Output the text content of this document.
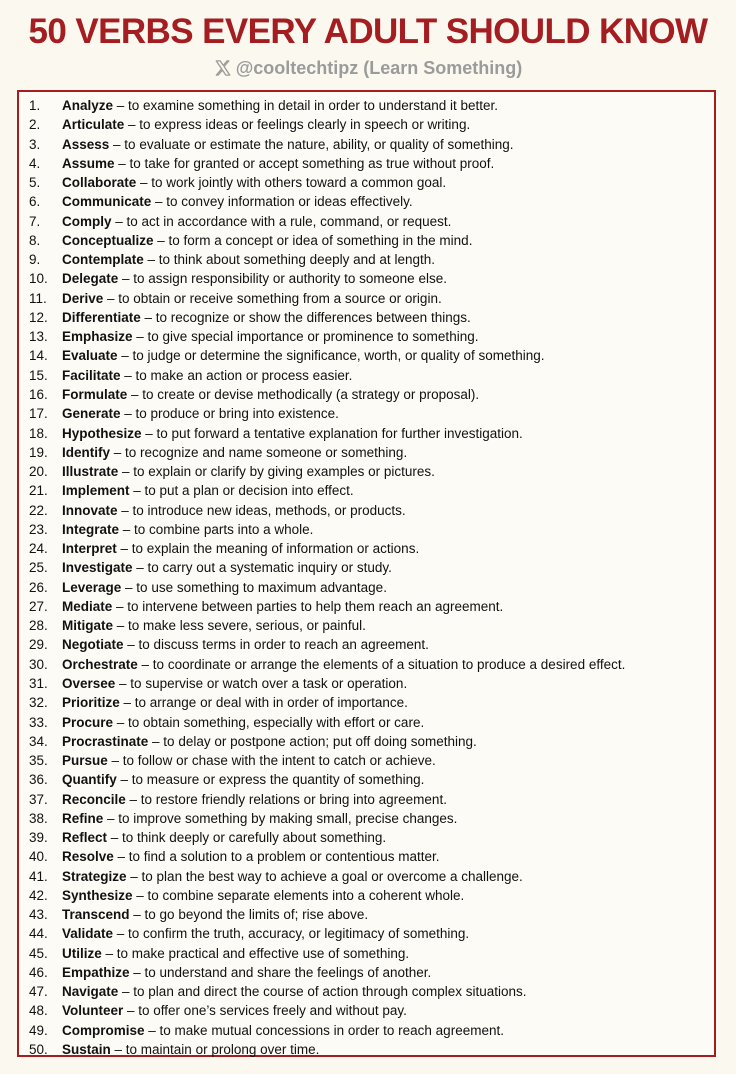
50 VERBS EVERY ADULT SHOULD KNOW
@cooltechtipz (Learn Something)
1. Analyze – to examine something in detail in order to understand it better.
2. Articulate – to express ideas or feelings clearly in speech or writing.
3. Assess – to evaluate or estimate the nature, ability, or quality of something.
4. Assume – to take for granted or accept something as true without proof.
5. Collaborate – to work jointly with others toward a common goal.
6. Communicate – to convey information or ideas effectively.
7. Comply – to act in accordance with a rule, command, or request.
8. Conceptualize – to form a concept or idea of something in the mind.
9. Contemplate – to think about something deeply and at length.
10. Delegate – to assign responsibility or authority to someone else.
11. Derive – to obtain or receive something from a source or origin.
12. Differentiate – to recognize or show the differences between things.
13. Emphasize – to give special importance or prominence to something.
14. Evaluate – to judge or determine the significance, worth, or quality of something.
15. Facilitate – to make an action or process easier.
16. Formulate – to create or devise methodically (a strategy or proposal).
17. Generate – to produce or bring into existence.
18. Hypothesize – to put forward a tentative explanation for further investigation.
19. Identify – to recognize and name someone or something.
20. Illustrate – to explain or clarify by giving examples or pictures.
21. Implement – to put a plan or decision into effect.
22. Innovate – to introduce new ideas, methods, or products.
23. Integrate – to combine parts into a whole.
24. Interpret – to explain the meaning of information or actions.
25. Investigate – to carry out a systematic inquiry or study.
26. Leverage – to use something to maximum advantage.
27. Mediate – to intervene between parties to help them reach an agreement.
28. Mitigate – to make less severe, serious, or painful.
29. Negotiate – to discuss terms in order to reach an agreement.
30. Orchestrate – to coordinate or arrange the elements of a situation to produce a desired effect.
31. Oversee – to supervise or watch over a task or operation.
32. Prioritize – to arrange or deal with in order of importance.
33. Procure – to obtain something, especially with effort or care.
34. Procrastinate – to delay or postpone action; put off doing something.
35. Pursue – to follow or chase with the intent to catch or achieve.
36. Quantify – to measure or express the quantity of something.
37. Reconcile – to restore friendly relations or bring into agreement.
38. Refine – to improve something by making small, precise changes.
39. Reflect – to think deeply or carefully about something.
40. Resolve – to find a solution to a problem or contentious matter.
41. Strategize – to plan the best way to achieve a goal or overcome a challenge.
42. Synthesize – to combine separate elements into a coherent whole.
43. Transcend – to go beyond the limits of; rise above.
44. Validate – to confirm the truth, accuracy, or legitimacy of something.
45. Utilize – to make practical and effective use of something.
46. Empathize – to understand and share the feelings of another.
47. Navigate – to plan and direct the course of action through complex situations.
48. Volunteer – to offer one’s services freely and without pay.
49. Compromise – to make mutual concessions in order to reach agreement.
50. Sustain – to maintain or prolong over time.
